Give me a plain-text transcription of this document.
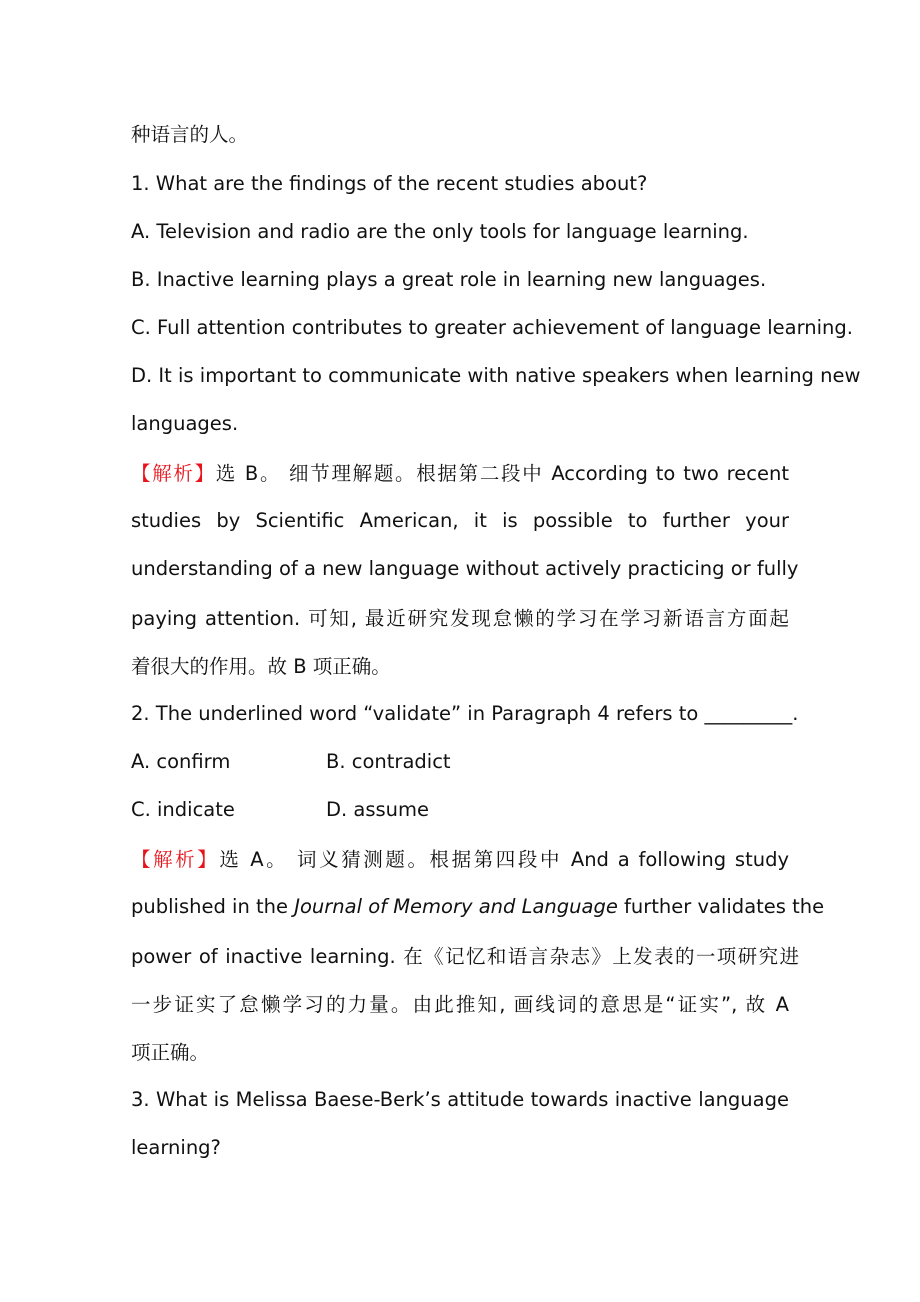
种语言的人。
1. What are the findings of the recent studies about?
A. Television and radio are the only tools for language learning.
B. Inactive learning plays a great role in learning new languages.
C. Full attention contributes to greater achievement of language learning.
D. It is important to communicate with native speakers when learning new
languages.
【解析】选 B。 细节理解题。根据第二段中 According to two recent
studies by Scientific American, it is possible to further your
understanding of a new language without actively practicing or fully
paying attention. 可知, 最近研究发现怠懒的学习在学习新语言方面起
着很大的作用。故 B 项正确。
2. The underlined word “validate” in Paragraph 4 refers to _________.
A. confirm	B. contradict
C. indicate	D. assume
【解析】选 A。 词义猜测题。根据第四段中 And a following study
published in the Journal of Memory and Language further validates the
power of inactive learning. 在《记忆和语言杂志》上发表的一项研究进
一步证实了怠懒学习的力量。由此推知, 画线词的意思是“证实”, 故 A
项正确。
3. What is Melissa Baese-Berk’s attitude towards inactive language
learning?
